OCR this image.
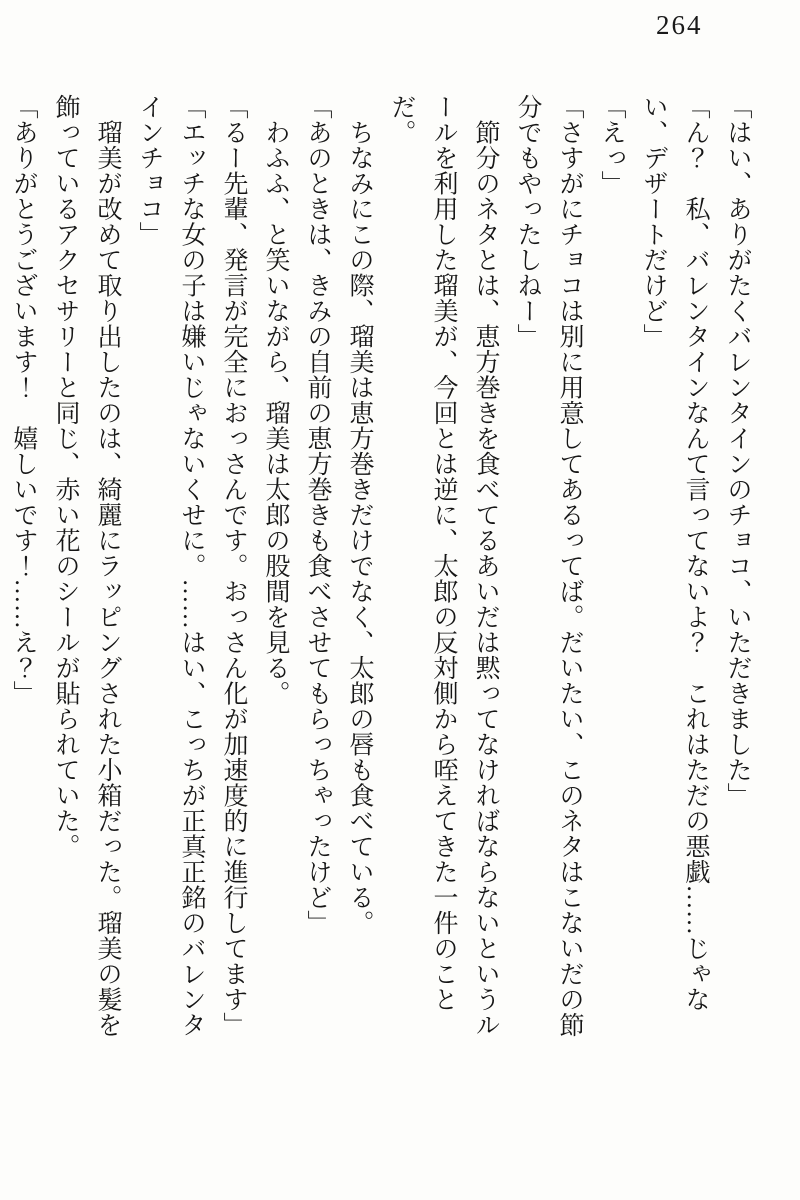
264

「はい、ありがたくバレンタインのチョコ、いただきました」

「ん？　私、バレンタインなんて言ってないよ？　これはただの悪戯……じゃない、デザートだけど」

「えっ」

「さすがにチョコは別に用意してあるってば。だいたい、このネタはこないだの節分でもやったしねー」

　節分のネタとは、恵方巻きを食べてるあいだは黙ってなければならないというルールを利用した瑠美が、今回とは逆に、太郎の反対側から咥えてきた一件のことだ。

　ちなみにこの際、瑠美は恵方巻きだけでなく、太郎の唇も食べている。

「あのときは、きみの自前の恵方巻きも食べさせてもらっちゃったけど」

　わふふ、と笑いながら、瑠美は太郎の股間を見る。

「るー先輩、発言が完全におっさんです。おっさん化が加速度的に進行してます」

「エッチな女の子は嫌いじゃないくせに。……はい、こっちが正真正銘のバレンタインチョコ」

　瑠美が改めて取り出したのは、綺麗にラッピングされた小箱だった。瑠美の髪を飾っているアクセサリーと同じ、赤い花のシールが貼られていた。

「ありがとうございます！　嬉しいです！……え？」
